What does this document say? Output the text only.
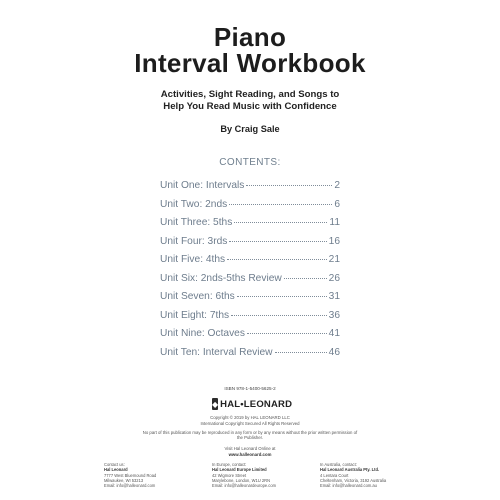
Piano
Interval Workbook
Activities, Sight Reading, and Songs to
Help You Read Music with Confidence
By Craig Sale
CONTENTS:
Unit One: Intervals	2
Unit Two: 2nds	6
Unit Three: 5ths	11
Unit Four: 3rds	16
Unit Five: 4ths	21
Unit Six: 2nds-5ths Review	26
Unit Seven: 6ths	31
Unit Eight: 7ths	36
Unit Nine: Octaves	41
Unit Ten: Interval Review	46
ISBN 978-1-5400-5625-2
◆ HAL•LEONARD
Copyright © 2019 by HAL LEONARD LLC
International Copyright Secured All Rights Reserved
No part of this publication may be reproduced in any form or by any means without the prior written permission of the Publisher.
Visit Hal Leonard Online at
www.halleonard.com
Contact us:
Hal Leonard
7777 West Bluemound Road
Milwaukee, WI 53213
Email: info@halleonard.com
In Europe, contact:
Hal Leonard Europe Limited
42 Wigmore Street
Marylebone, London, W1U 2RN
Email: info@halleonardeurope.com
In Australia, contact:
Hal Leonard Australia Pty. Ltd.
4 Lentara Court
Cheltenham, Victoria, 3192 Australia
Email: info@halleonard.com.au
